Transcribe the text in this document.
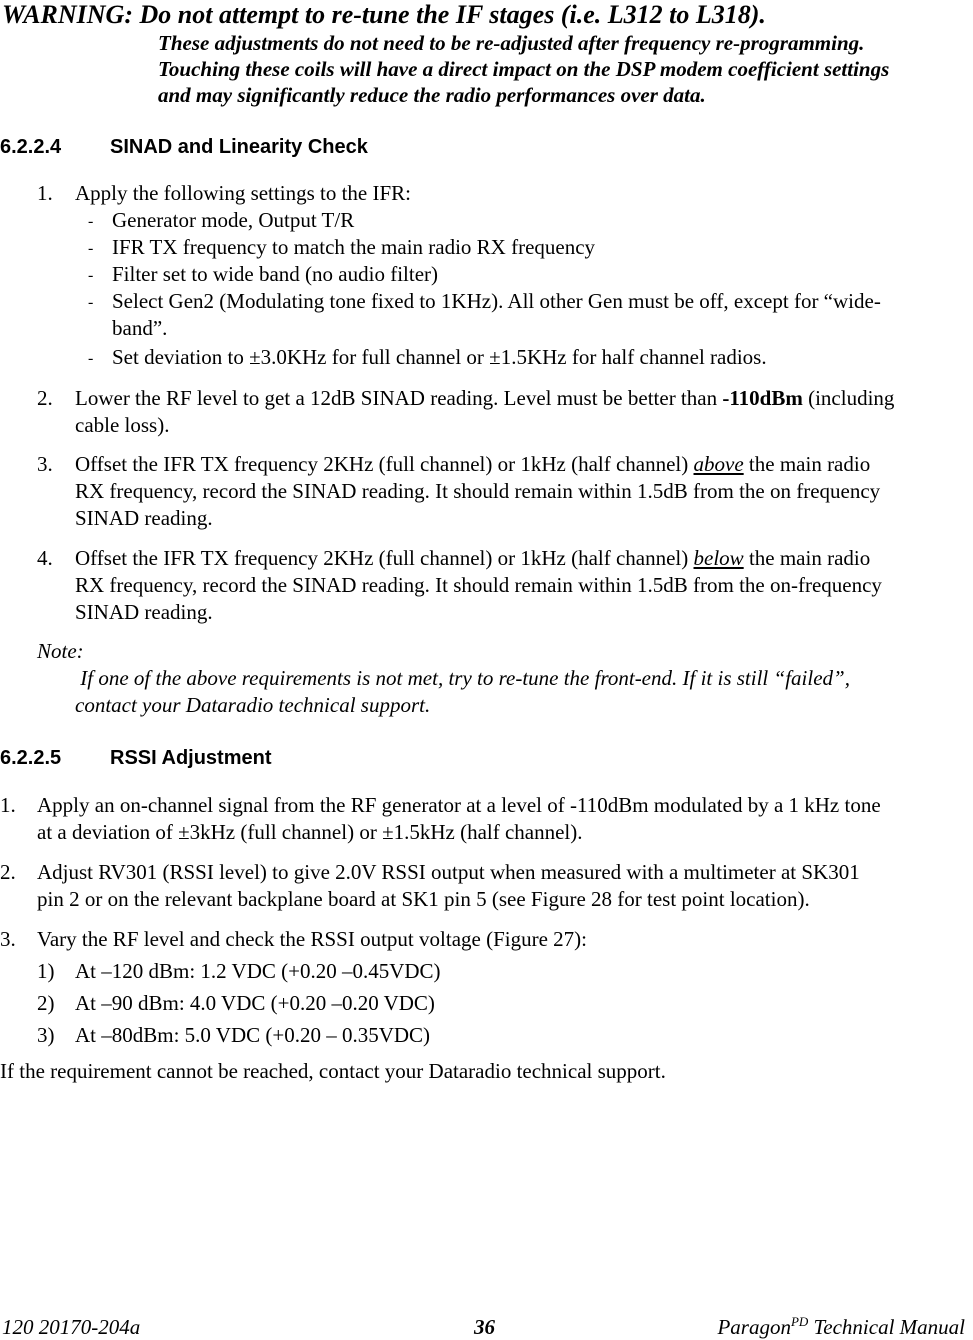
WARNING: Do not attempt to re-tune the IF stages (i.e. L312 to L318).
These adjustments do not need to be re-adjusted after frequency re-programming.
Touching these coils will have a direct impact on the DSP modem coefficient settings
and may significantly reduce the radio performances over data.
6.2.2.4 SINAD and Linearity Check
1. Apply the following settings to the IFR:
- Generator mode, Output T/R
- IFR TX frequency to match the main radio RX frequency
- Filter set to wide band (no audio filter)
- Select Gen2 (Modulating tone fixed to 1KHz). All other Gen must be off, except for “wide-
band”.
- Set deviation to ±3.0KHz for full channel or ±1.5KHz for half channel radios.
2. Lower the RF level to get a 12dB SINAD reading. Level must be better than -110dBm (including
cable loss).
3. Offset the IFR TX frequency 2KHz (full channel) or 1kHz (half channel) above the main radio
RX frequency, record the SINAD reading. It should remain within 1.5dB from the on frequency
SINAD reading.
4. Offset the IFR TX frequency 2KHz (full channel) or 1kHz (half channel) below the main radio
RX frequency, record the SINAD reading. It should remain within 1.5dB from the on-frequency
SINAD reading.
Note:
If one of the above requirements is not met, try to re-tune the front-end. If it is still “failed”,
contact your Dataradio technical support.
6.2.2.5 RSSI Adjustment
1. Apply an on-channel signal from the RF generator at a level of -110dBm modulated by a 1 kHz tone
at a deviation of ±3kHz (full channel) or ±1.5kHz (half channel).
2. Adjust RV301 (RSSI level) to give 2.0V RSSI output when measured with a multimeter at SK301
pin 2 or on the relevant backplane board at SK1 pin 5 (see Figure 28 for test point location).
3. Vary the RF level and check the RSSI output voltage (Figure 27):
1) At –120 dBm: 1.2 VDC (+0.20 –0.45VDC)
2) At –90 dBm: 4.0 VDC (+0.20 –0.20 VDC)
3) At –80dBm: 5.0 VDC (+0.20 – 0.35VDC)
If the requirement cannot be reached, contact your Dataradio technical support.
120 20170-204a	36	Paragon$^{PD}$ Technical Manual
